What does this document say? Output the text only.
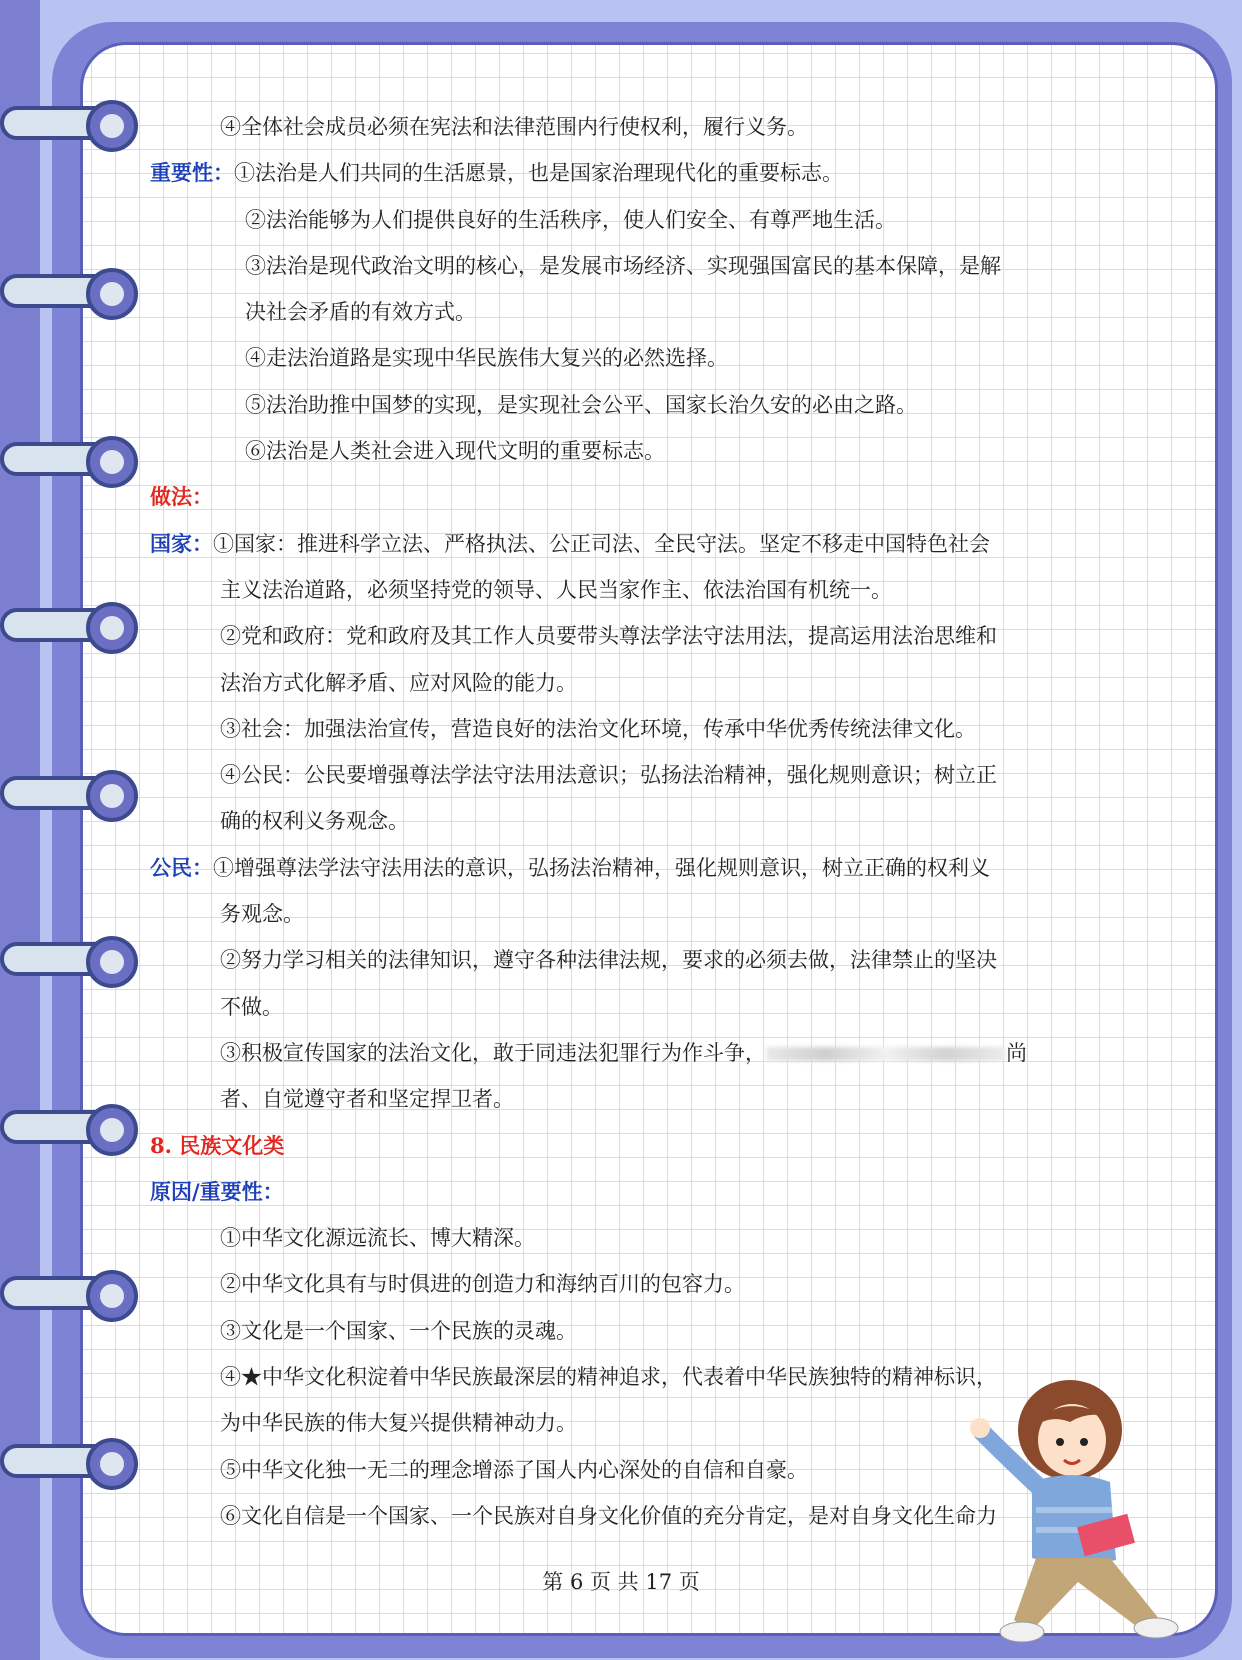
④全体社会成员必须在宪法和法律范围内行使权利，履行义务。
重要性：①法治是人们共同的生活愿景，也是国家治理现代化的重要标志。
②法治能够为人们提供良好的生活秩序，使人们安全、有尊严地生活。
③法治是现代政治文明的核心，是发展市场经济、实现强国富民的基本保障，是解
决社会矛盾的有效方式。
④走法治道路是实现中华民族伟大复兴的必然选择。
⑤法治助推中国梦的实现，是实现社会公平、国家长治久安的必由之路。
⑥法治是人类社会进入现代文明的重要标志。
做法：
国家：①国家：推进科学立法、严格执法、公正司法、全民守法。坚定不移走中国特色社会
主义法治道路，必须坚持党的领导、人民当家作主、依法治国有机统一。
②党和政府：党和政府及其工作人员要带头尊法学法守法用法，提高运用法治思维和
法治方式化解矛盾、应对风险的能力。
③社会：加强法治宣传，营造良好的法治文化环境，传承中华优秀传统法律文化。
④公民：公民要增强尊法学法守法用法意识；弘扬法治精神，强化规则意识；树立正
确的权利义务观念。
公民：①增强尊法学法守法用法的意识，弘扬法治精神，强化规则意识，树立正确的权利义
务观念。
②努力学习相关的法律知识，遵守各种法律法规，要求的必须去做，法律禁止的坚决
不做。
③积极宣传国家的法治文化，敢于同违法犯罪行为作斗争，	尚
者、自觉遵守者和坚定捍卫者。
8. 民族文化类
原因/重要性：
①中华文化源远流长、博大精深。
②中华文化具有与时俱进的创造力和海纳百川的包容力。
③文化是一个国家、一个民族的灵魂。
④★中华文化积淀着中华民族最深层的精神追求，代表着中华民族独特的精神标识，
为中华民族的伟大复兴提供精神动力。
⑤中华文化独一无二的理念增添了国人内心深处的自信和自豪。
⑥文化自信是一个国家、一个民族对自身文化价值的充分肯定，是对自身文化生命力
第 6 页 共 17 页
